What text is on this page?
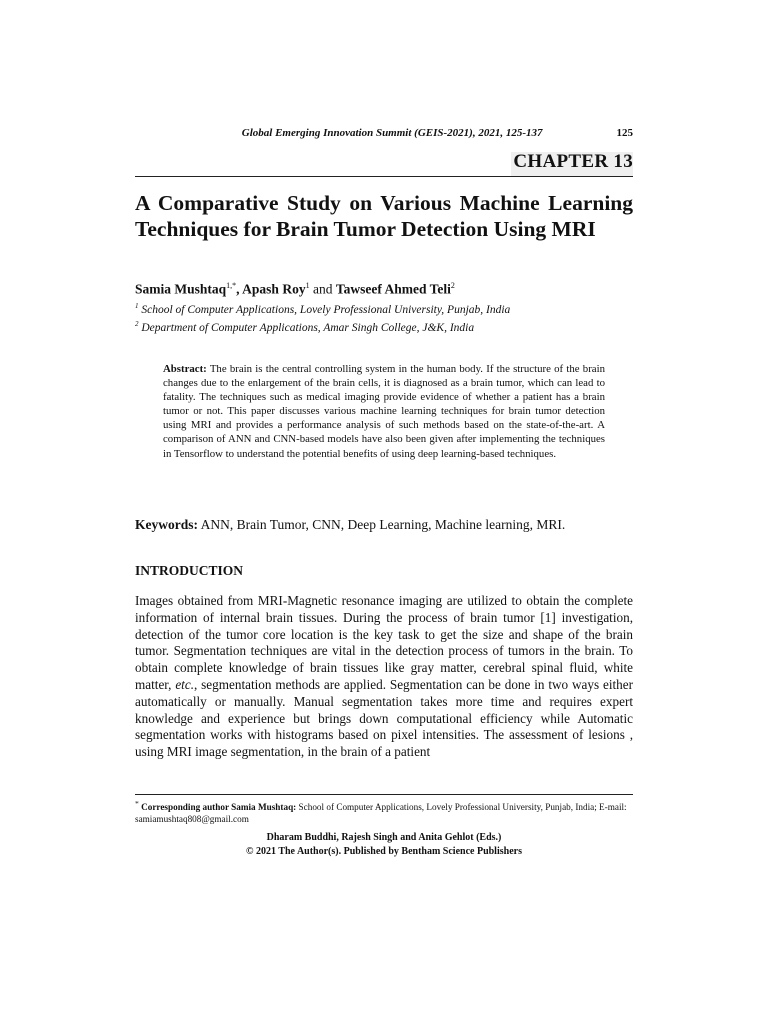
Global Emerging Innovation Summit (GEIS-2021), 2021, 125-137	125
CHAPTER 13
A Comparative Study on Various Machine Learning Techniques for Brain Tumor Detection Using MRI
Samia Mushtaq$^{1,*}$, Apash Roy$^1$ and Tawseef Ahmed Teli$^2$
$^1$ School of Computer Applications, Lovely Professional University, Punjab, India
$^2$ Department of Computer Applications, Amar Singh College, J&K, India
Abstract: The brain is the central controlling system in the human body. If the structure of the brain changes due to the enlargement of the brain cells, it is diagnosed as a brain tumor, which can lead to fatality. The techniques such as medical imaging provide evidence of whether a patient has a brain tumor or not. This paper discusses various machine learning techniques for brain tumor detection using MRI and provides a performance analysis of such methods based on the state-of-the-art. A comparison of ANN and CNN-based models have also been given after implementing the techniques in Tensorflow to understand the potential benefits of using deep learning-based techniques.
Keywords: ANN, Brain Tumor, CNN, Deep Learning, Machine learning, MRI.
INTRODUCTION
Images obtained from MRI-Magnetic resonance imaging are utilized to obtain the complete information of internal brain tissues. During the process of brain tumor [1] investigation, detection of the tumor core location is the key task to get the size and shape of the brain tumor. Segmentation techniques are vital in the detection process of tumors in the brain. To obtain complete knowledge of brain tissues like gray matter, cerebral spinal fluid, white matter, etc., segmentation methods are applied. Segmentation can be done in two ways either automatically or manually. Manual segmentation takes more time and requires expert knowledge and experience but brings down computational efficiency while Automatic segmentation works with histograms based on pixel intensities. The assessment of lesions , using MRI image segmentation, in the brain of a patient
* Corresponding author Samia Mushtaq: School of Computer Applications, Lovely Professional University, Punjab, India; E-mail: samiamushtaq808@gmail.com
Dharam Buddhi, Rajesh Singh and Anita Gehlot (Eds.)
© 2021 The Author(s). Published by Bentham Science Publishers
